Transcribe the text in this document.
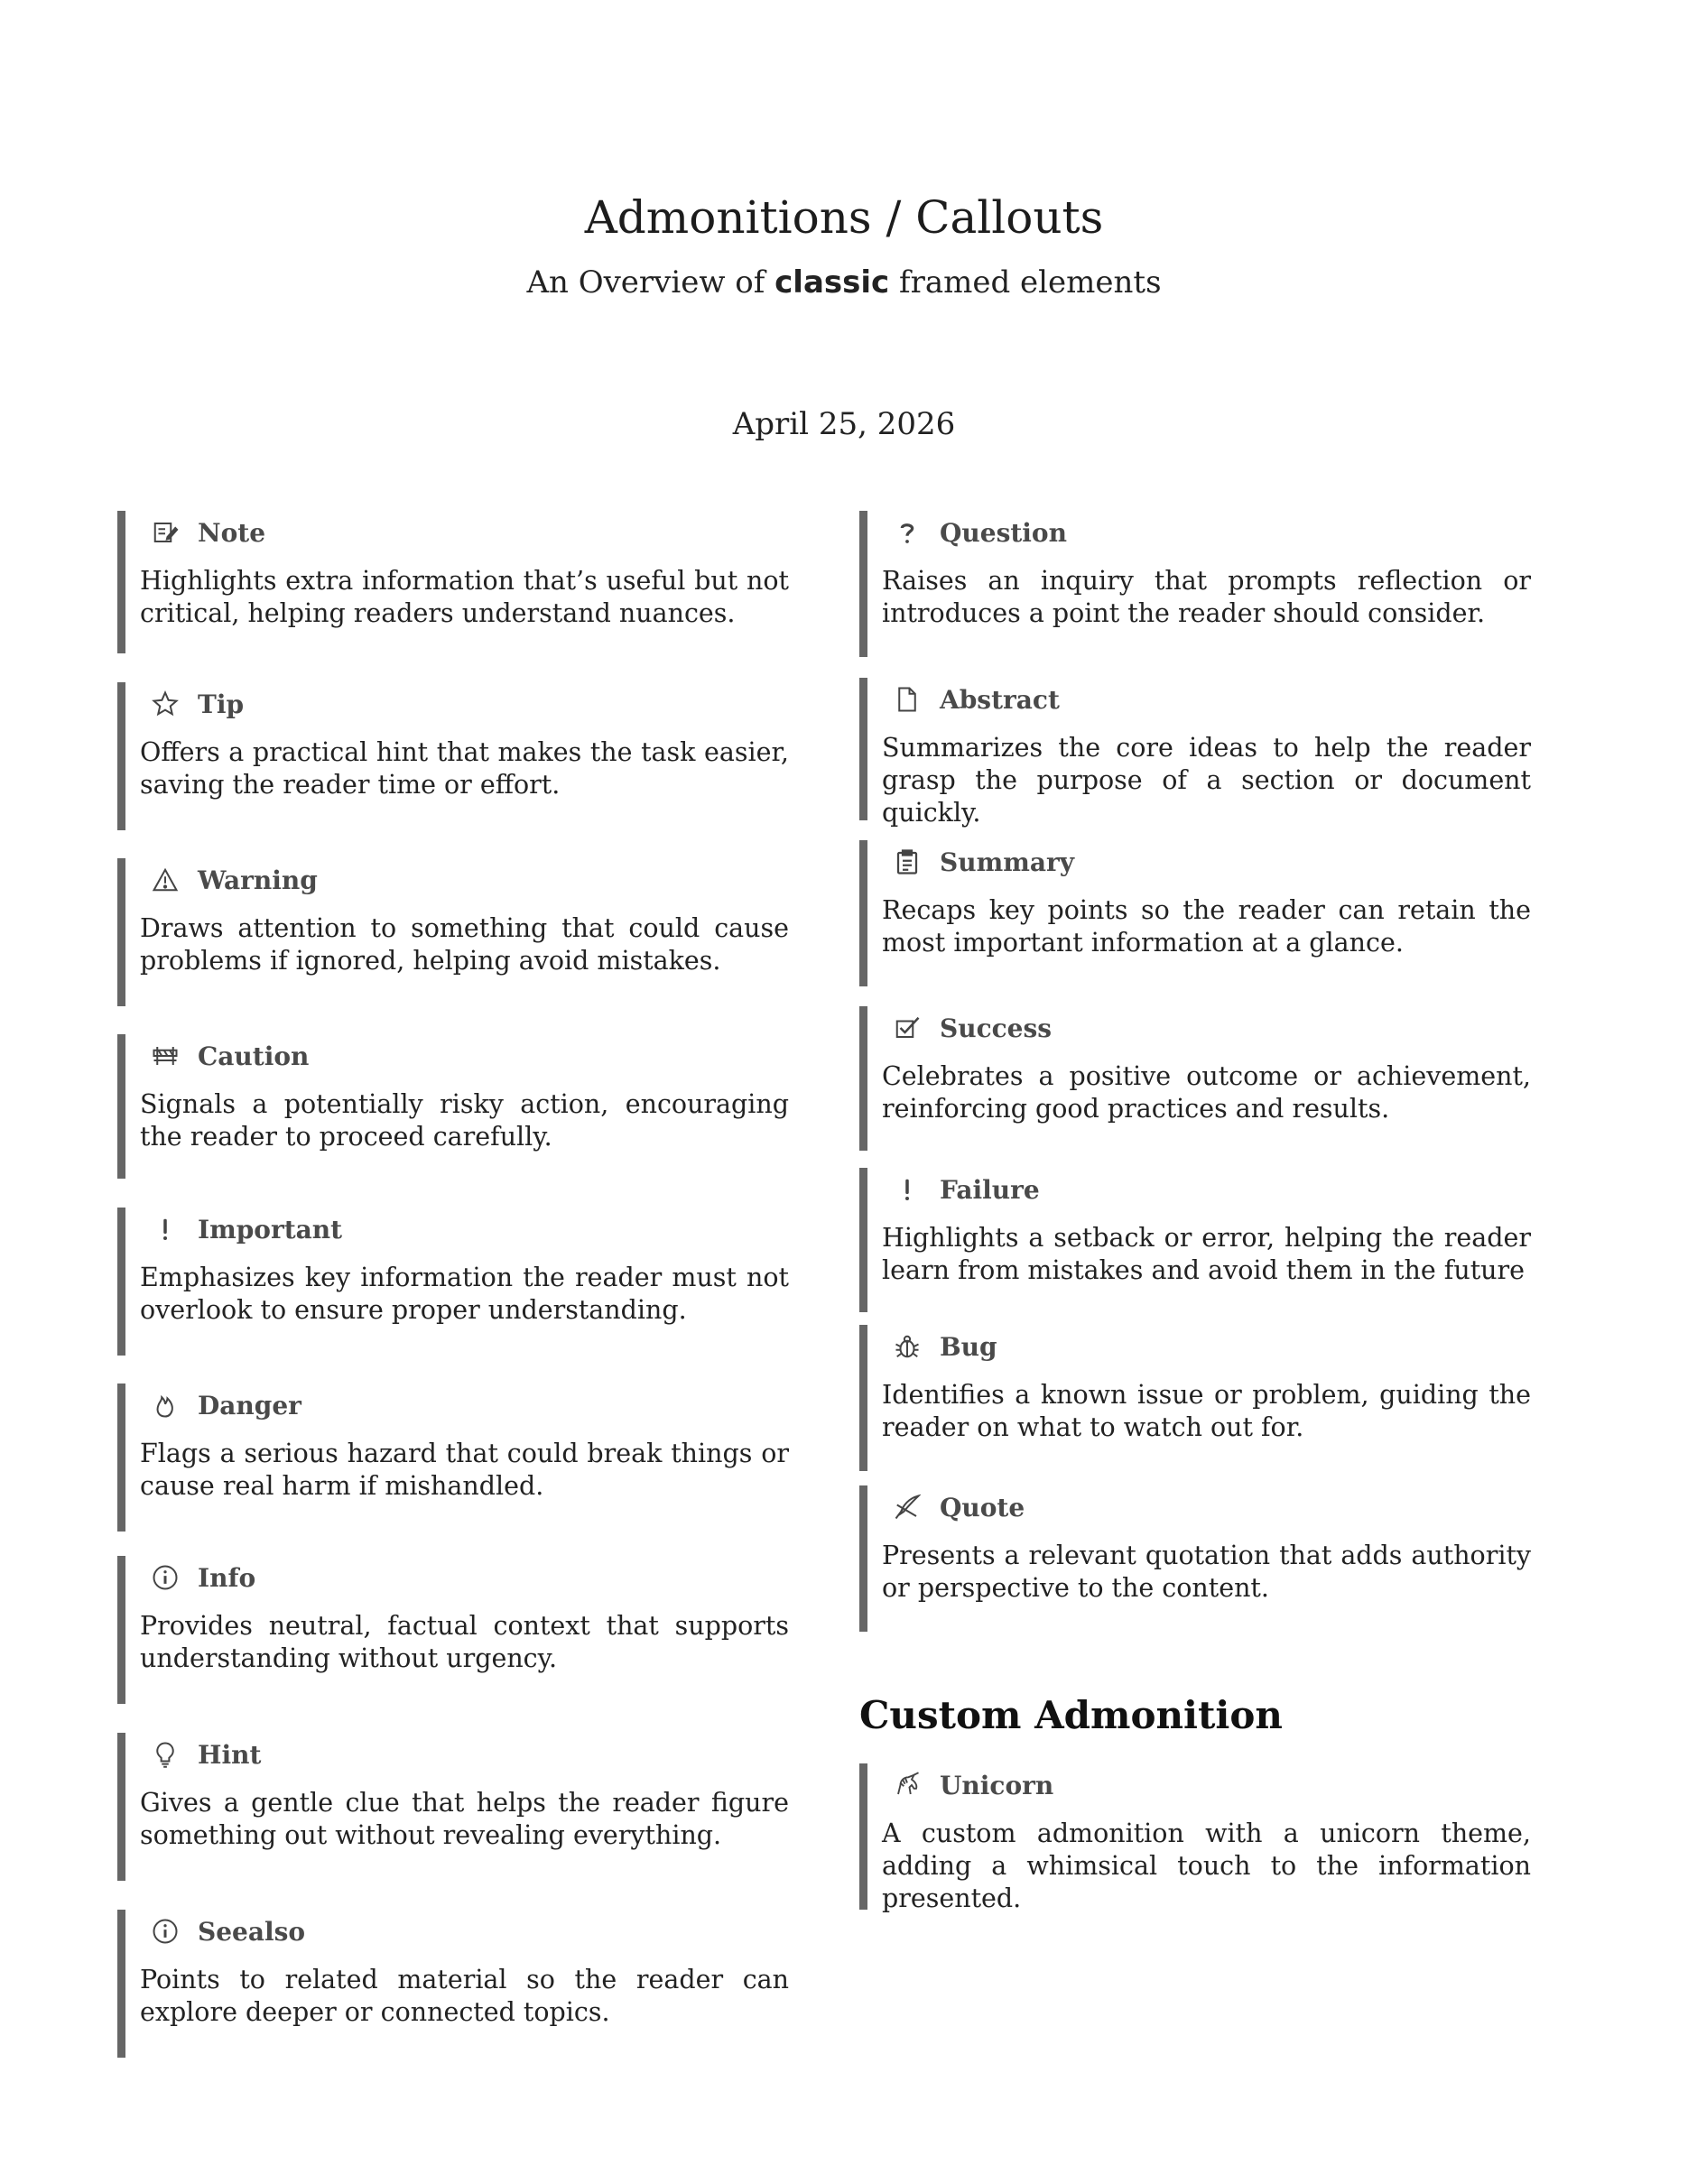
Admonitions / Callouts
An Overview of classic framed elements
April 25, 2026
Note
Highlights extra information that’s useful but not critical, helping readers understand nuances.
Tip
Offers a practical hint that makes the task easier, saving the reader time or effort.
Warning
Draws attention to something that could cause problems if ignored, helping avoid mistakes.
Caution
Signals a potentially risky action, encouraging the reader to proceed carefully.
Important
Emphasizes key information the reader must not overlook to ensure proper understanding.
Danger
Flags a serious hazard that could break things or cause real harm if mishandled.
Info
Provides neutral, factual context that supports understanding without urgency.
Hint
Gives a gentle clue that helps the reader figure something out without revealing everything.
Seealso
Points to related material so the reader can explore deeper or connected topics.
Question
Raises an inquiry that prompts reflection or introduces a point the reader should consider.
Abstract
Summarizes the core ideas to help the reader grasp the purpose of a section or document quickly.
Summary
Recaps key points so the reader can retain the most important information at a glance.
Success
Celebrates a positive outcome or achievement, reinforcing good practices and results.
Failure
Highlights a setback or error, helping the reader learn from mistakes and avoid them in the future
Bug
Identifies a known issue or problem, guiding the reader on what to watch out for.
Quote
Presents a relevant quotation that adds authority or perspective to the content.
Custom Admonition
Unicorn
A custom admonition with a unicorn theme, adding a whimsical touch to the information presented.
